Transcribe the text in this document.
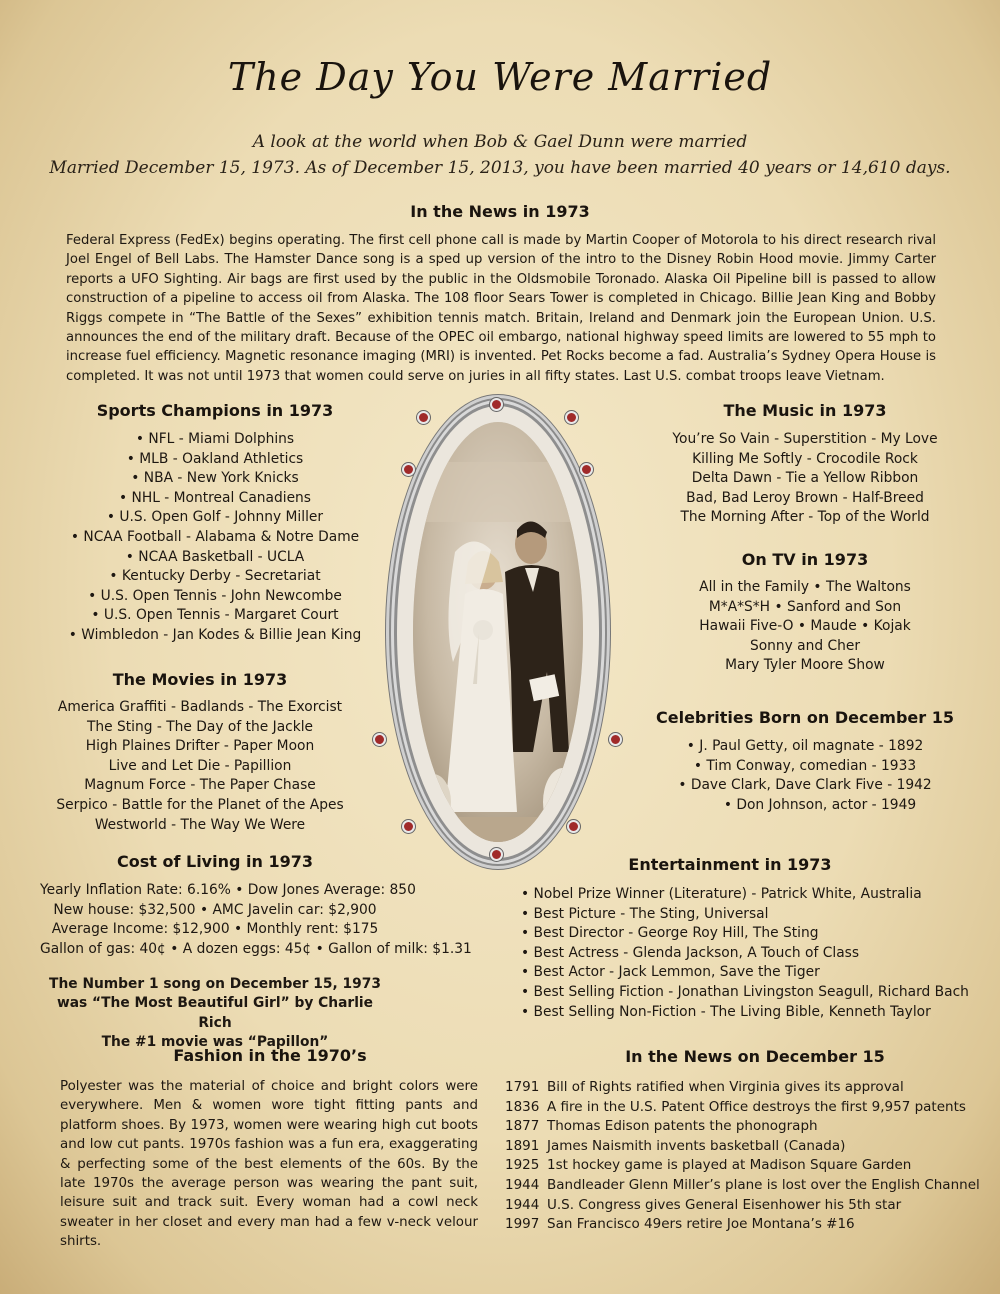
The Day You Were Married
A look at the world when Bob & Gael Dunn were married
Married December 15, 1973. As of December 15, 2013, you have been married 40 years or 14,610 days.
In the News in 1973
Federal Express (FedEx) begins operating. The first cell phone call is made by Martin Cooper of Motorola to his direct research rival Joel Engel of Bell Labs. The Hamster Dance song is a sped up version of the intro to the Disney Robin Hood movie. Jimmy Carter reports a UFO Sighting. Air bags are first used by the public in the Oldsmobile Toronado. Alaska Oil Pipeline bill is passed to allow construction of a pipeline to access oil from Alaska. The 108 floor Sears Tower is completed in Chicago. Billie Jean King and Bobby Riggs compete in “The Battle of the Sexes” exhibition tennis match. Britain, Ireland and Denmark join the European Union. U.S. announces the end of the military draft. Because of the OPEC oil embargo, national highway speed limits are lowered to 55 mph to increase fuel efficiency. Magnetic resonance imaging (MRI) is invented. Pet Rocks become a fad. Australia’s Sydney Opera House is completed. It was not until 1973 that women could serve on juries in all fifty states. Last U.S. combat troops leave Vietnam.
Sports Champions in 1973
• NFL - Miami Dolphins
• MLB - Oakland Athletics
• NBA - New York Knicks
• NHL - Montreal Canadiens
• U.S. Open Golf - Johnny Miller
• NCAA Football - Alabama & Notre Dame
• NCAA Basketball - UCLA
• Kentucky Derby - Secretariat
• U.S. Open Tennis - John Newcombe
• U.S. Open Tennis - Margaret Court
• Wimbledon - Jan Kodes & Billie Jean King
The Movies in 1973
America Graffiti - Badlands - The Exorcist
The Sting - The Day of the Jackle
High Plaines Drifter - Paper Moon
Live and Let Die - Papillion
Magnum Force - The Paper Chase
Serpico - Battle for the Planet of the Apes
Westworld - The Way We Were
Cost of Living in 1973
Yearly Inflation Rate: 6.16% • Dow Jones Average: 850
New house: $32,500 • AMC Javelin car: $2,900
Average Income: $12,900 • Monthly rent: $175
Gallon of gas: 40¢ • A dozen eggs: 45¢ • Gallon of milk: $1.31
The Number 1 song on December 15, 1973
was “The Most Beautiful Girl” by Charlie Rich
The #1 movie was “Papillon”
Fashion in the 1970’s
Polyester was the material of choice and bright colors were everywhere. Men & women wore tight fitting pants and platform shoes. By 1973, women were wearing high cut boots and low cut pants. 1970s fashion was a fun era, exaggerating & perfecting some of the best elements of the 60s. By the late 1970s the average person was wearing the pant suit, leisure suit and track suit. Every woman had a cowl neck sweater in her closet and every man had a few v-neck velour shirts.
The Music in 1973
You’re So Vain - Superstition - My Love
Killing Me Softly - Crocodile Rock
Delta Dawn - Tie a Yellow Ribbon
Bad, Bad Leroy Brown - Half-Breed
The Morning After - Top of the World
On TV in 1973
All in the Family • The Waltons
M*A*S*H • Sanford and Son
Hawaii Five-O • Maude • Kojak
Sonny and Cher
Mary Tyler Moore Show
Celebrities Born on December 15
• J. Paul Getty, oil magnate - 1892
• Tim Conway, comedian - 1933
• Dave Clark, Dave Clark Five - 1942
• Don Johnson, actor - 1949
Entertainment in 1973
• Nobel Prize Winner (Literature) - Patrick White, Australia
• Best Picture - The Sting, Universal
• Best Director - George Roy Hill, The Sting
• Best Actress - Glenda Jackson, A Touch of Class
• Best Actor - Jack Lemmon, Save the Tiger
• Best Selling Fiction - Jonathan Livingston Seagull, Richard Bach
• Best Selling Non-Fiction - The Living Bible, Kenneth Taylor
In the News on December 15
1791 Bill of Rights ratified when Virginia gives its approval
1836 A fire in the U.S. Patent Office destroys the first 9,957 patents
1877 Thomas Edison patents the phonograph
1891 James Naismith invents basketball (Canada)
1925 1st hockey game is played at Madison Square Garden
1944 Bandleader Glenn Miller’s plane is lost over the English Channel
1944 U.S. Congress gives General Eisenhower his 5th star
1997 San Francisco 49ers retire Joe Montana’s #16
